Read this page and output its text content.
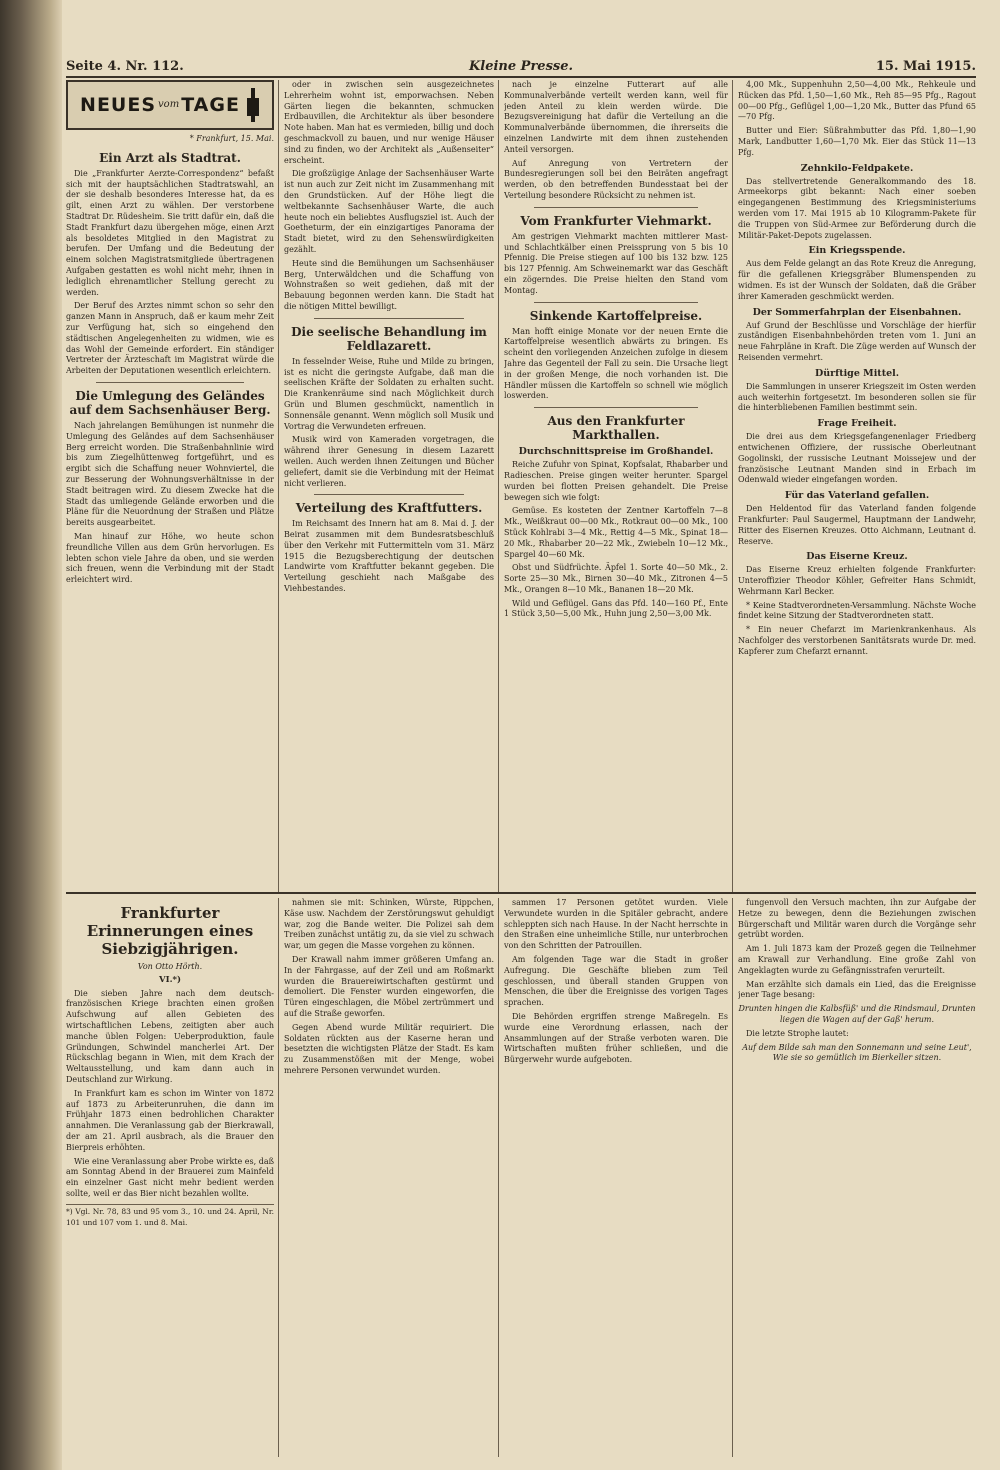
Seite 4. Nr. 112.	Kleine Presse.	15. Mai 1915.
NEUES vom TAGE
* Frankfurt, 15. Mai.
Ein Arzt als Stadtrat.

Die „Frankfurter Aerzte-Correspondenz“ befaßt sich mit der hauptsächlichen Stadtratswahl, an der sie deshalb besonderes Interesse hat, da es gilt, einen Arzt zu wählen. Der verstorbene Stadtrat Dr. Rüdesheim. Sie tritt dafür ein, daß die Stadt Frankfurt dazu übergehen möge, einen Arzt als besoldetes Mitglied in den Magistrat zu berufen. Der Umfang und die Bedeutung der einem solchen Magistratsmitgliede übertragenen Aufgaben gestatten es wohl nicht mehr, ihnen in lediglich ehrenamtlicher Stellung gerecht zu werden.

Der Beruf des Arztes nimmt schon so sehr den ganzen Mann in Anspruch, daß er kaum mehr Zeit zur Verfügung hat, sich so eingehend den städtischen Angelegenheiten zu widmen, wie es das Wohl der Gemeinde erfordert. Ein ständiger Vertreter der Ärzteschaft im Magistrat würde die Arbeiten der Deputationen wesentlich erleichtern.

Die Umlegung des Geländes auf dem Sachsenhäuser Berg.

Nach jahrelangen Bemühungen ist nunmehr die Umlegung des Geländes auf dem Sachsenhäuser Berg erreicht worden. Die Straßenbahnlinie wird bis zum Ziegelhüttenweg fortgeführt, und es ergibt sich die Schaffung neuer Wohnviertel, die zur Besserung der Wohnungsverhältnisse in der Stadt beitragen wird. Zu diesem Zwecke hat die Stadt das umliegende Gelände erworben und die Pläne für die Neuordnung der Straßen und Plätze bereits ausgearbeitet.

Man hinauf zur Höhe, wo heute schon freundliche Villen aus dem Grün hervorlugen. Es lebten schon viele Jahre da oben, und sie werden sich freuen, wenn die Verbindung mit der Stadt erleichtert wird.

oder in zwischen sein ausgezeichnetes Lehrerheim wohnt ist, emporwachsen. Neben Gärten liegen die bekannten, schmucken Erdbauvillen, die Architektur als über besondere Note haben. Man hat es vermieden, billig und doch geschmackvoll zu bauen, und nur wenige Häuser sind zu finden, wo der Architekt als „Außenseiter“ erscheint.

Die großzügige Anlage der Sachsenhäuser Warte ist nun auch zur Zeit nicht im Zusammenhang mit den Grundstücken. Auf der Höhe liegt die weltbekannte Sachsenhäuser Warte, die auch heute noch ein beliebtes Ausflugsziel ist. Auch der Goetheturm, der ein einzigartiges Panorama der Stadt bietet, wird zu den Sehenswürdigkeiten gezählt.

Heute sind die Bemühungen um Sachsenhäuser Berg, Unterwäldchen und die Schaffung von Wohnstraßen so weit gediehen, daß mit der Bebauung begonnen werden kann. Die Stadt hat die nötigen Mittel bewilligt.

Die seelische Behandlung im Feldlazarett.

In fesselnder Weise, Ruhe und Milde zu bringen, ist es nicht die geringste Aufgabe, daß man die seelischen Kräfte der Soldaten zu erhalten sucht. Die Krankenräume sind nach Möglichkeit durch Grün und Blumen geschmückt, namentlich in Sonnensäle genannt. Wenn möglich soll Musik und Vortrag die Verwundeten erfreuen.

Musik wird von Kameraden vorgetragen, die während ihrer Genesung in diesem Lazarett weilen. Auch werden ihnen Zeitungen und Bücher geliefert, damit sie die Verbindung mit der Heimat nicht verlieren.

Verteilung des Kraftfutters.

Im Reichsamt des Innern hat am 8. Mai d. J. der Beirat zusammen mit dem Bundesratsbeschluß über den Verkehr mit Futtermitteln vom 31. März 1915 die Bezugsberechtigung der deutschen Landwirte vom Kraftfutter bekannt gegeben. Die Verteilung geschieht nach Maßgabe des Viehbestandes.

nach je einzelne Futterart auf alle Kommunalverbände verteilt werden kann, weil für jeden Anteil zu klein werden würde. Die Bezugsvereinigung hat dafür die Verteilung an die Kommunalverbände übernommen, die ihrerseits die einzelnen Landwirte mit dem ihnen zustehenden Anteil versorgen.

Auf Anregung von Vertretern der Bundesregierungen soll bei den Beiräten angefragt werden, ob den betreffenden Bundesstaat bei der Verteilung besondere Rücksicht zu nehmen ist.

Vom Frankfurter Viehmarkt.

Am gestrigen Viehmarkt machten mittlerer Mast- und Schlachtkälber einen Preissprung von 5 bis 10 Pfennig. Die Preise stiegen auf 100 bis 132 bzw. 125 bis 127 Pfennig. Am Schweinemarkt war das Geschäft ein zögerndes. Die Preise hielten den Stand vom Montag.

Sinkende Kartoffelpreise.

Man hofft einige Monate vor der neuen Ernte die Kartoffelpreise wesentlich abwärts zu bringen. Es scheint den vorliegenden Anzeichen zufolge in diesem Jahre das Gegenteil der Fall zu sein. Die Ursache liegt in der großen Menge, die noch vorhanden ist. Die Händler müssen die Kartoffeln so schnell wie möglich loswerden.

Aus den Frankfurter Markthallen.
Durchschnittspreise im Großhandel.

Reiche Zufuhr von Spinat, Kopfsalat, Rhabarber und Radieschen. Preise gingen weiter herunter. Spargel wurden bei flotten Preisen gehandelt. Die Preise bewegen sich wie folgt:

Gemüse. Es kosteten der Zentner Kartoffeln 7—8 Mk., Weißkraut 00—00 Mk., Rotkraut 00—00 Mk., 100 Stück Kohlrabi 3—4 Mk., Rettig 4—5 Mk., Spinat 18—20 Mk., Rhabarber 20—22 Mk., Zwiebeln 10—12 Mk., Spargel 40—60 Mk.

Obst und Südfrüchte. Äpfel 1. Sorte 40—50 Mk., 2. Sorte 25—30 Mk., Birnen 30—40 Mk., Zitronen 4—5 Mk., Orangen 8—10 Mk., Bananen 18—20 Mk.

Wild und Geflügel. Gans das Pfd. 140—160 Pf., Ente 1 Stück 3,50—5,00 Mk., Huhn jung 2,50—3,00 Mk.

4,00 Mk., Suppenhuhn 2,50—4,00 Mk., Rehkeule und Rücken das Pfd. 1,50—1,60 Mk., Reh 85—95 Pfg., Ragout 00—00 Pfg., Geflügel 1,00—1,20 Mk., Butter das Pfund 65—70 Pfg.

Butter und Eier: Süßrahmbutter das Pfd. 1,80—1,90 Mark, Landbutter 1,60—1,70 Mk. Eier das Stück 11—13 Pfg.

Zehnkilo-Feldpakete.

Das stellvertretende Generalkommando des 18. Armeekorps gibt bekannt: Nach einer soeben eingegangenen Bestimmung des Kriegsministeriums werden vom 17. Mai 1915 ab 10 Kilogramm-Pakete für die Truppen von Süd-Armee zur Beförderung durch die Militär-Paket-Depots zugelassen.

Ein Kriegsspende.

Aus dem Felde gelangt an das Rote Kreuz die Anregung, für die gefallenen Kriegsgräber Blumenspenden zu widmen. Es ist der Wunsch der Soldaten, daß die Gräber ihrer Kameraden geschmückt werden.

Der Sommerfahrplan der Eisenbahnen.

Auf Grund der Beschlüsse und Vorschläge der hierfür zuständigen Eisenbahnbehörden treten vom 1. Juni an neue Fahrpläne in Kraft. Die Züge werden auf Wunsch der Reisenden vermehrt.

Dürftige Mittel.

Die Sammlungen in unserer Kriegszeit im Osten werden auch weiterhin fortgesetzt. Im besonderen sollen sie für die hinterbliebenen Familien bestimmt sein.

Frage Freiheit.

Die drei aus dem Kriegsgefangenenlager Friedberg entwichenen Offiziere, der russische Oberleutnant Gogolinski, der russische Leutnant Moissejew und der französische Leutnant Manden sind in Erbach im Odenwald wieder eingefangen worden.

Für das Vaterland gefallen.

Den Heldentod für das Vaterland fanden folgende Frankfurter: Paul Saugermel, Hauptmann der Landwehr, Ritter des Eisernen Kreuzes. Otto Aichmann, Leutnant d. Reserve.

Das Eiserne Kreuz.

Das Eiserne Kreuz erhielten folgende Frankfurter: Unteroffizier Theodor Köhler, Gefreiter Hans Schmidt, Wehrmann Karl Becker.

* Keine Stadtverordneten-Versammlung. Nächste Woche findet keine Sitzung der Stadtverordneten statt.

* Ein neuer Chefarzt im Marienkrankenhaus. Als Nachfolger des verstorbenen Sanitätsrats wurde Dr. med. Kapferer zum Chefarzt ernannt.

Frankfurter Erinnerungen eines Siebzigjährigen.
Von Otto Hörth.
VI.*)

Die sieben Jahre nach dem deutsch-französischen Kriege brachten einen großen Aufschwung auf allen Gebieten des wirtschaftlichen Lebens, zeitigten aber auch manche üblen Folgen: Ueberproduktion, faule Gründungen, Schwindel mancherlei Art. Der Rückschlag begann in Wien, mit dem Krach der Weltausstellung, und kam dann auch in Deutschland zur Wirkung.

In Frankfurt kam es schon im Winter von 1872 auf 1873 zu Arbeiterunruhen, die dann im Frühjahr 1873 einen bedrohlichen Charakter annahmen. Die Veranlassung gab der Bierkrawall, der am 21. April ausbrach, als die Brauer den Bierpreis erhöhten.

Wie eine Veranlassung aber Probe wirkte es, daß am Sonntag Abend in der Brauerei zum Mainfeld ein einzelner Gast nicht mehr bedient werden sollte, weil er das Bier nicht bezahlen wollte.

*) Vgl. Nr. 78, 83 und 95 vom 3., 10. und 24. April, Nr. 101 und 107 vom 1. und 8. Mai.

nahmen sie mit: Schinken, Würste, Rippchen, Käse usw. Nachdem der Zerstörungswut gehuldigt war, zog die Bande weiter. Die Polizei sah dem Treiben zunächst untätig zu, da sie viel zu schwach war, um gegen die Masse vorgehen zu können.

Der Krawall nahm immer größeren Umfang an. In der Fahrgasse, auf der Zeil und am Roßmarkt wurden die Brauereiwirtschaften gestürmt und demoliert. Die Fenster wurden eingeworfen, die Türen eingeschlagen, die Möbel zertrümmert und auf die Straße geworfen.

Gegen Abend wurde Militär requiriert. Die Soldaten rückten aus der Kaserne heran und besetzten die wichtigsten Plätze der Stadt. Es kam zu Zusammenstößen mit der Menge, wobei mehrere Personen verwundet wurden.

sammen 17 Personen getötet wurden. Viele Verwundete wurden in die Spitäler gebracht, andere schleppten sich nach Hause. In der Nacht herrschte in den Straßen eine unheimliche Stille, nur unterbrochen von den Schritten der Patrouillen.

Am folgenden Tage war die Stadt in großer Aufregung. Die Geschäfte blieben zum Teil geschlossen, und überall standen Gruppen von Menschen, die über die Ereignisse des vorigen Tages sprachen.

Die Behörden ergriffen strenge Maßregeln. Es wurde eine Verordnung erlassen, nach der Ansammlungen auf der Straße verboten waren. Die Wirtschaften mußten früher schließen, und die Bürgerwehr wurde aufgeboten.

fungenvoll den Versuch machten, ihn zur Aufgabe der Hetze zu bewegen, denn die Beziehungen zwischen Bürgerschaft und Militär waren durch die Vorgänge sehr getrübt worden.

Am 1. Juli 1873 kam der Prozeß gegen die Teilnehmer am Krawall zur Verhandlung. Eine große Zahl von Angeklagten wurde zu Gefängnisstrafen verurteilt.

Man erzählte sich damals ein Lied, das die Ereignisse jener Tage besang:

Drunten hingen die Kalbsfüß' und die Rindsmaul, Drunten liegen die Wagen auf der Gaß' herum.

Die letzte Strophe lautet:

Auf dem Bilde sah man den Sonnemann und seine Leut', Wie sie so gemütlich im Bierkeller sitzen.
